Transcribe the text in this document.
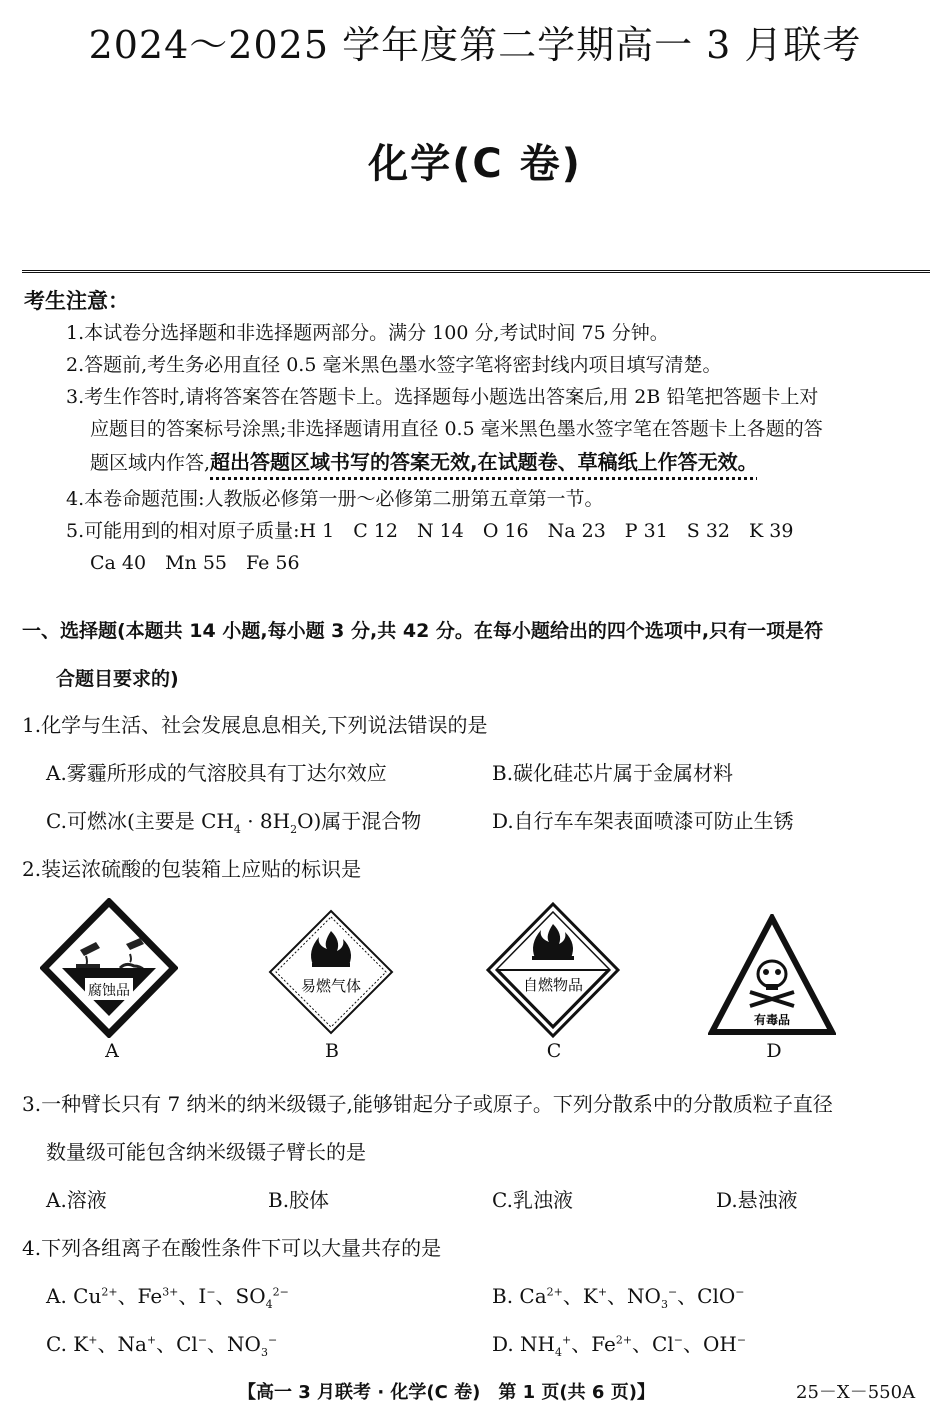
2024～2025 学年度第二学期高一 3 月联考
化学(C 卷)
考生注意：
1.本试卷分选择题和非选择题两部分。满分 100 分,考试时间 75 分钟。
2.答题前,考生务必用直径 0.5 毫米黑色墨水签字笔将密封线内项目填写清楚。
3.考生作答时,请将答案答在答题卡上。选择题每小题选出答案后,用 2B 铅笔把答题卡上对
应题目的答案标号涂黑;非选择题请用直径 0.5 毫米黑色墨水签字笔在答题卡上各题的答
题区域内作答,超出答题区域书写的答案无效,在试题卷、草稿纸上作答无效。
4.本卷命题范围:人教版必修第一册～必修第二册第五章第一节。
5.可能用到的相对原子质量:H 1　C 12　N 14　O 16　Na 23　P 31　S 32　K 39
Ca 40　Mn 55　Fe 56
一、选择题(本题共 14 小题,每小题 3 分,共 42 分。在每小题给出的四个选项中,只有一项是符
合题目要求的)
1.化学与生活、社会发展息息相关,下列说法错误的是
A.雾霾所形成的气溶胶具有丁达尔效应	B.碳化硅芯片属于金属材料
C.可燃冰(主要是 $CH_4 \cdot 8H_2O$)属于混合物	D.自行车车架表面喷漆可防止生锈
2.装运浓硫酸的包装箱上应贴的标识是
腐蚀品
A
易燃气体
B
自燃物品
C
有毒品
D
3.一种臂长只有 7 纳米的纳米级镊子,能够钳起分子或原子。下列分散系中的分散质粒子直径
数量级可能包含纳米级镊子臂长的是
A.溶液	B.胶体	C.乳浊液	D.悬浊液
4.下列各组离子在酸性条件下可以大量共存的是
A. $Cu^{2+}$、$Fe^{3+}$、I−、$SO_4^{2-}$	B. $Ca^{2+}$、K+、$NO_3^-$、ClO−
C. K+、Na+、Cl−、$NO_3^-$	D. $NH_4^+$、$Fe^{2+}$、Cl−、OH−
【高一 3 月联考 · 化学(C 卷)　第 1 页(共 6 页)】	25－X－550A
